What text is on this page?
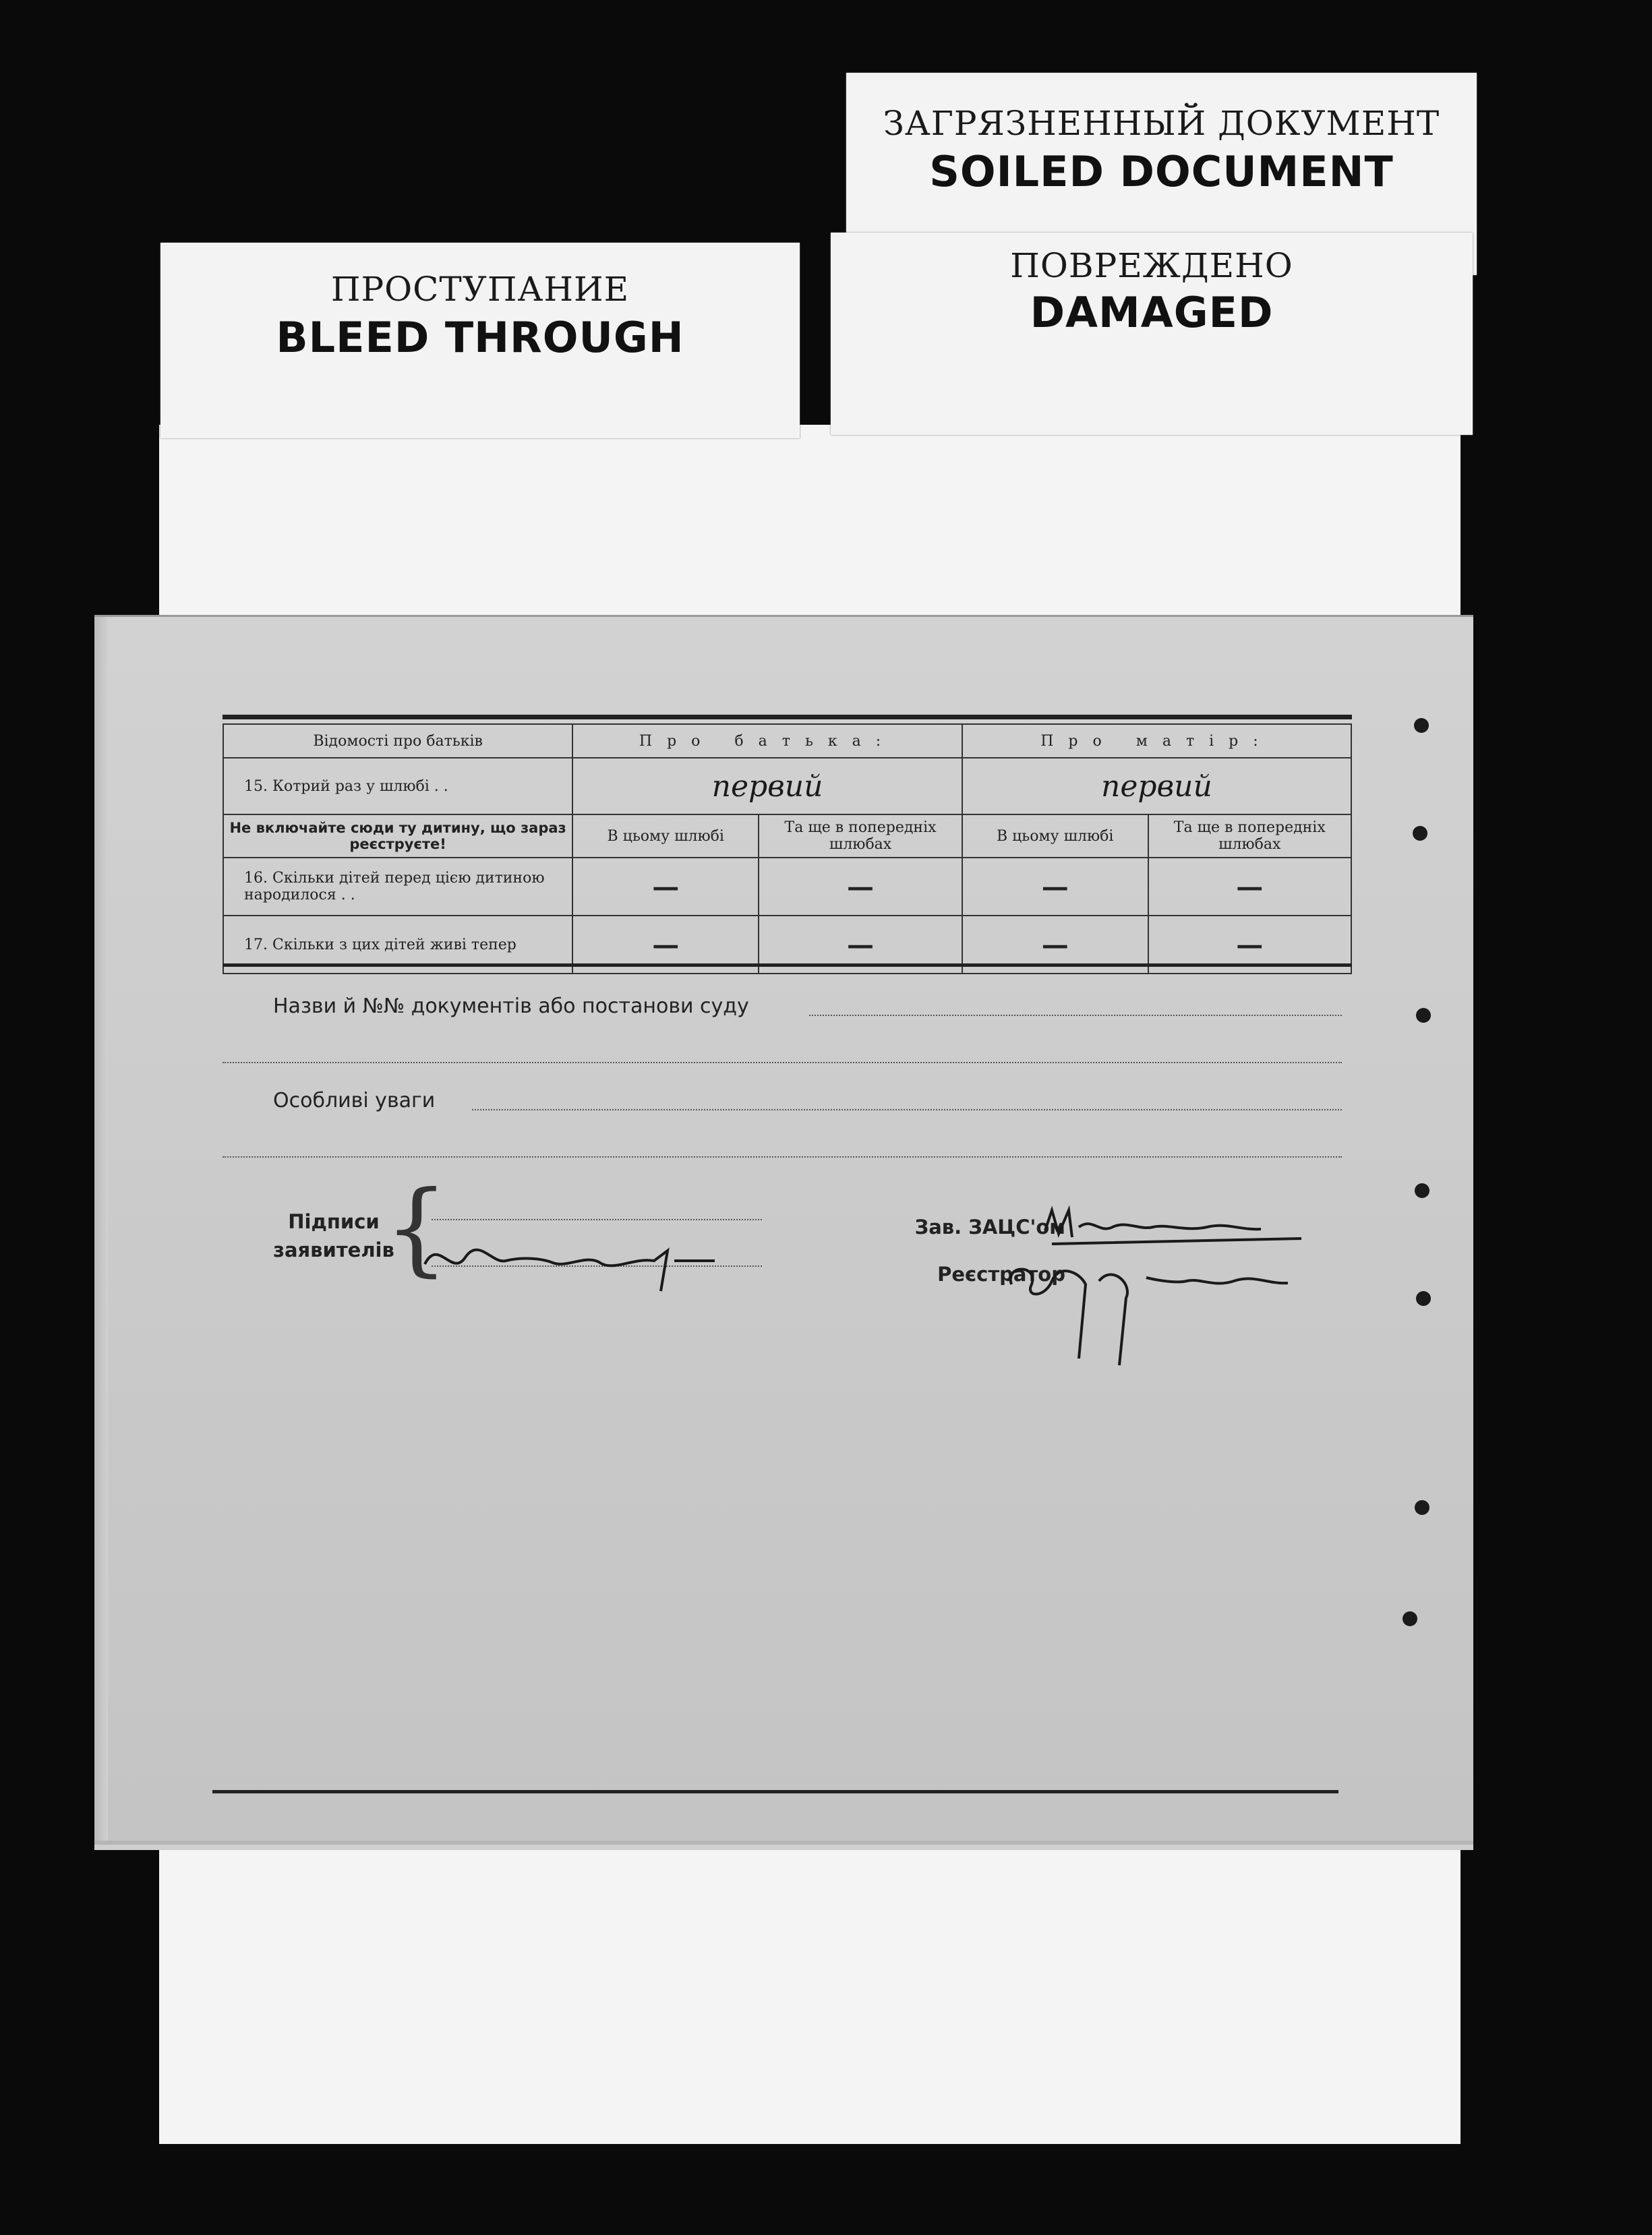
ЗАГРЯЗНЕННЫЙ ДОКУМЕНТ
SOILED DOCUMENT
ПРОСТУПАНИЕ
BLEED THROUGH
ПОВРЕЖДЕНО
DAMAGED
Відомості про батьків	Про батька:		Про матір:	
15. Котрий раз у шлюбі . .	первий		первий	
Не включайте сюди ту дитину, що зараз реєструєте!	В цьому шлюбі	Та ще в попередніх шлюбах	В цьому шлюбі	Та ще в попередніх шлюбах
16. Скільки дітей перед цією дитиною народилося . .	—	—	—	—
17. Скільки з цих дітей живі тепер	—	—	—	—
Назви й №№ документів або постанови суду
Особливі уваги
Підписи
заявителів
{	Зав. ЗАЦС'ом
Реєстратор
